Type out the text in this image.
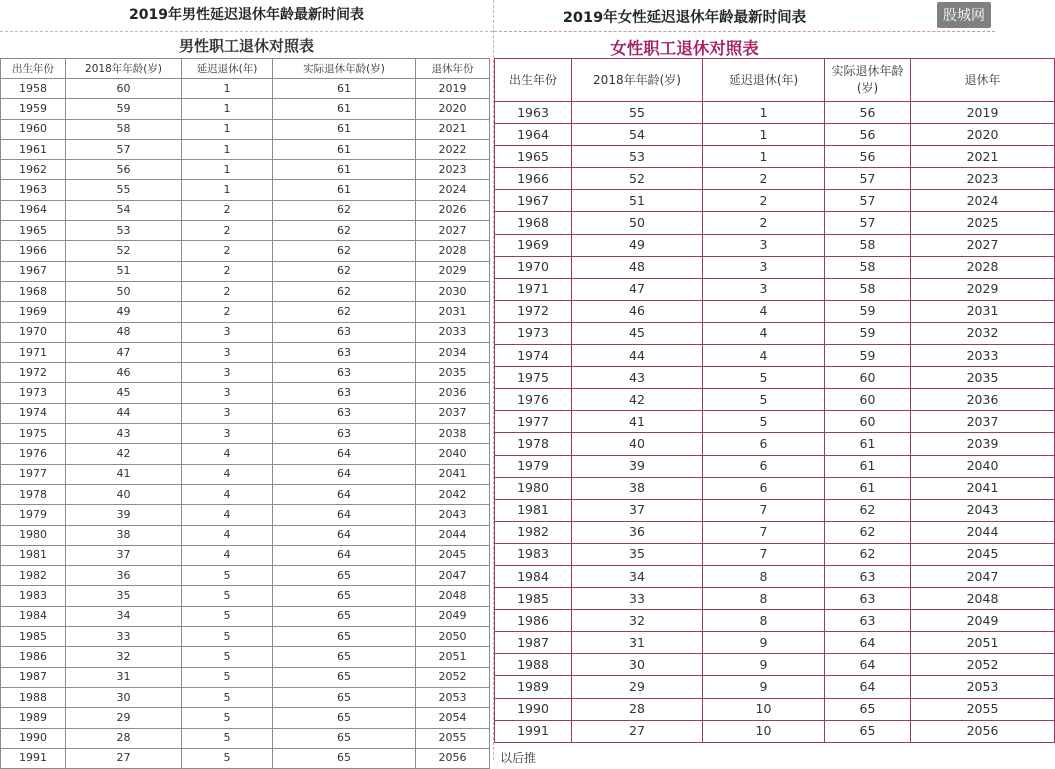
2019年男性延迟退休年龄最新时间表
男性职工退休对照表
出生年份	2018年年龄(岁)	延迟退休(年)	实际退休年龄(岁)	退休年份
1958	60	1	61	2019
1959	59	1	61	2020
1960	58	1	61	2021
1961	57	1	61	2022
1962	56	1	61	2023
1963	55	1	61	2024
1964	54	2	62	2026
1965	53	2	62	2027
1966	52	2	62	2028
1967	51	2	62	2029
1968	50	2	62	2030
1969	49	2	62	2031
1970	48	3	63	2033
1971	47	3	63	2034
1972	46	3	63	2035
1973	45	3	63	2036
1974	44	3	63	2037
1975	43	3	63	2038
1976	42	4	64	2040
1977	41	4	64	2041
1978	40	4	64	2042
1979	39	4	64	2043
1980	38	4	64	2044
1981	37	4	64	2045
1982	36	5	65	2047
1983	35	5	65	2048
1984	34	5	65	2049
1985	33	5	65	2050
1986	32	5	65	2051
1987	31	5	65	2052
1988	30	5	65	2053
1989	29	5	65	2054
1990	28	5	65	2055
1991	27	5	65	2056
2019年女性延迟退休年龄最新时间表
女性职工退休对照表
出生年份	2018年年龄(岁)	延迟退休(年)	实际退休年龄(岁)	退休年
1963	55	1	56	2019
1964	54	1	56	2020
1965	53	1	56	2021
1966	52	2	57	2023
1967	51	2	57	2024
1968	50	2	57	2025
1969	49	3	58	2027
1970	48	3	58	2028
1971	47	3	58	2029
1972	46	4	59	2031
1973	45	4	59	2032
1974	44	4	59	2033
1975	43	5	60	2035
1976	42	5	60	2036
1977	41	5	60	2037
1978	40	6	61	2039
1979	39	6	61	2040
1980	38	6	61	2041
1981	37	7	62	2043
1982	36	7	62	2044
1983	35	7	62	2045
1984	34	8	63	2047
1985	33	8	63	2048
1986	32	8	63	2049
1987	31	9	64	2051
1988	30	9	64	2052
1989	29	9	64	2053
1990	28	10	65	2055
1991	27	10	65	2056
以后推
股城网
